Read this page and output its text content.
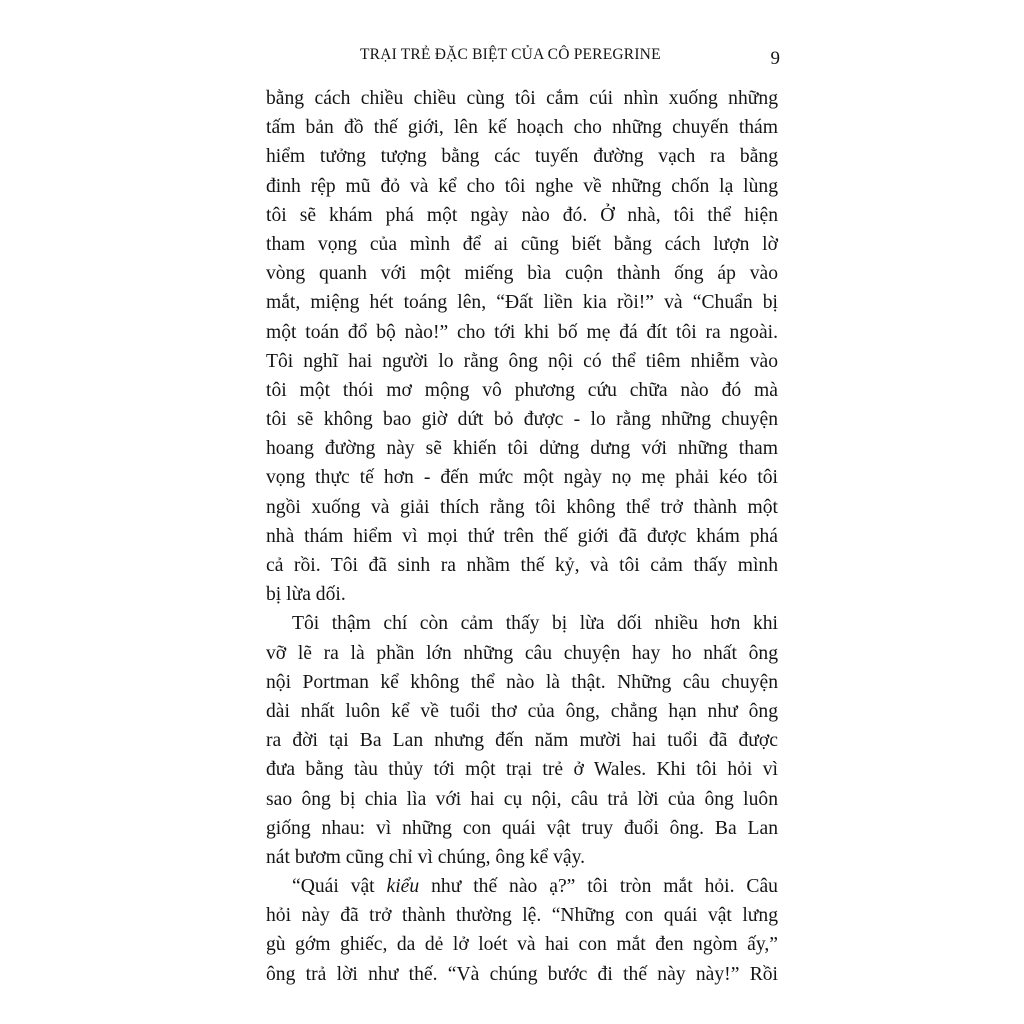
TRẠI TRẺ ĐẶC BIỆT CỦA CÔ PEREGRINE	9
bằng cách chiều chiều cùng tôi cắm cúi nhìn xuống những
tấm bản đồ thế giới, lên kế hoạch cho những chuyến thám
hiểm tưởng tượng bằng các tuyến đường vạch ra bằng
đinh rệp mũ đỏ và kể cho tôi nghe về những chốn lạ lùng
tôi sẽ khám phá một ngày nào đó. Ở nhà, tôi thể hiện
tham vọng của mình để ai cũng biết bằng cách lượn lờ
vòng quanh với một miếng bìa cuộn thành ống áp vào
mắt, miệng hét toáng lên, “Đất liền kia rồi!” và “Chuẩn bị
một toán đổ bộ nào!” cho tới khi bố mẹ đá đít tôi ra ngoài.
Tôi nghĩ hai người lo rằng ông nội có thể tiêm nhiễm vào
tôi một thói mơ mộng vô phương cứu chữa nào đó mà
tôi sẽ không bao giờ dứt bỏ được - lo rằng những chuyện
hoang đường này sẽ khiến tôi dửng dưng với những tham
vọng thực tế hơn - đến mức một ngày nọ mẹ phải kéo tôi
ngồi xuống và giải thích rằng tôi không thể trở thành một
nhà thám hiểm vì mọi thứ trên thế giới đã được khám phá
cả rồi. Tôi đã sinh ra nhầm thế kỷ, và tôi cảm thấy mình
bị lừa dối.
Tôi thậm chí còn cảm thấy bị lừa dối nhiều hơn khi
vỡ lẽ ra là phần lớn những câu chuyện hay ho nhất ông
nội Portman kể không thể nào là thật. Những câu chuyện
dài nhất luôn kể về tuổi thơ của ông, chẳng hạn như ông
ra đời tại Ba Lan nhưng đến năm mười hai tuổi đã được
đưa bằng tàu thủy tới một trại trẻ ở Wales. Khi tôi hỏi vì
sao ông bị chia lìa với hai cụ nội, câu trả lời của ông luôn
giống nhau: vì những con quái vật truy đuổi ông. Ba Lan
nát bươm cũng chỉ vì chúng, ông kể vậy.
“Quái vật kiểu như thế nào ạ?” tôi tròn mắt hỏi. Câu
hỏi này đã trở thành thường lệ. “Những con quái vật lưng
gù gớm ghiếc, da dẻ lở loét và hai con mắt đen ngòm ấy,”
ông trả lời như thế. “Và chúng bước đi thế này này!” Rồi
